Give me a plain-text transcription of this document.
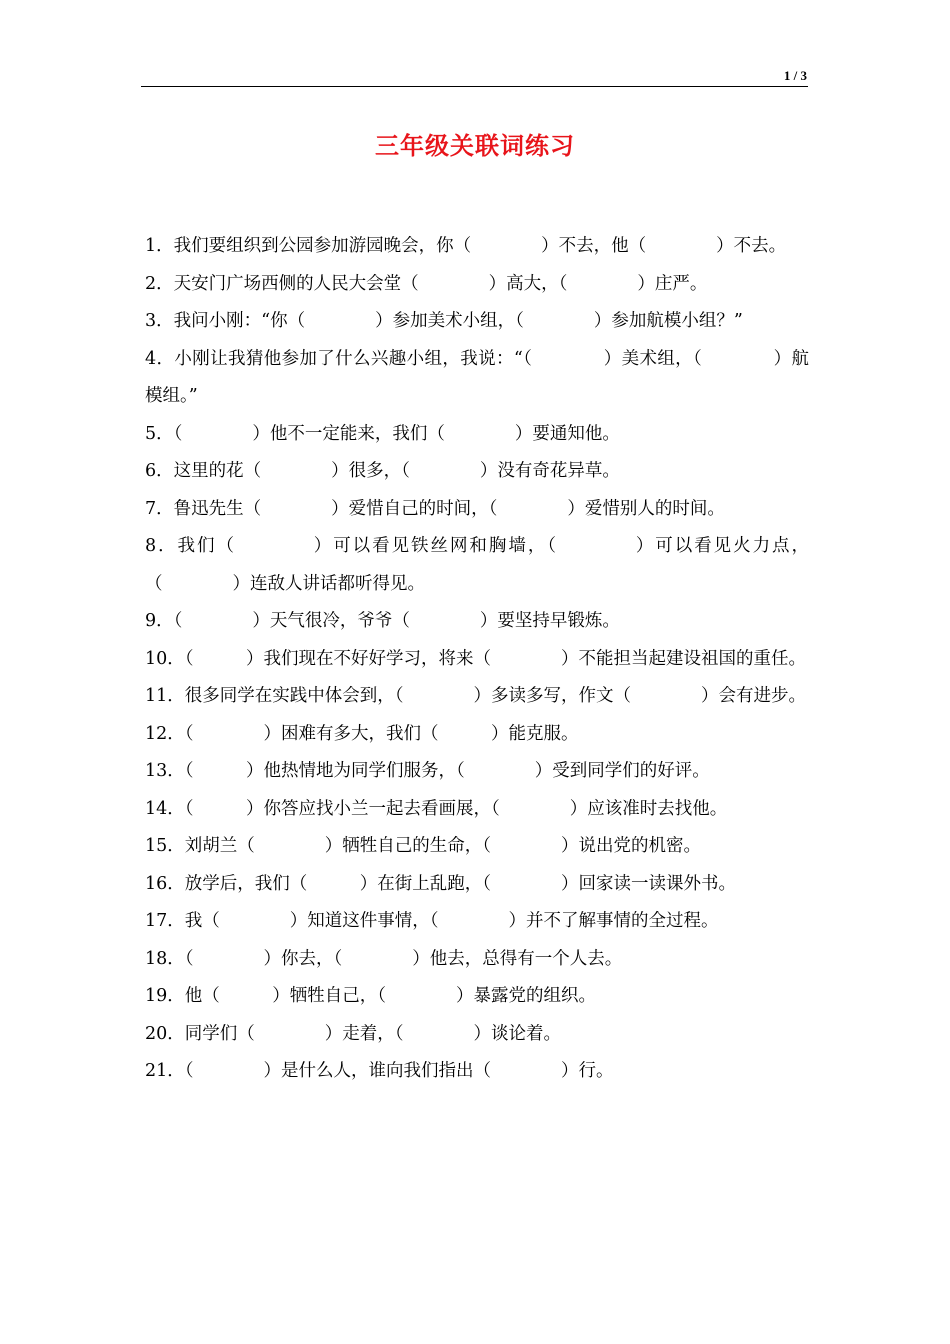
1 / 3
三年级关联词练习

1．我们要组织到公园参加游园晚会，你（　　　　）不去，他（　　　　）不去。

2．天安门广场西侧的人民大会堂（　　　　）高大，（　　　　）庄严。

3．我问小刚：“你（　　　　）参加美术小组，（　　　　）参加航模小组？”

4．小刚让我猜他参加了什么兴趣小组，我说：“（　　　　）美术组，（　　　　）航模组。”

5．（　　　　）他不一定能来，我们（　　　　）要通知他。

6．这里的花（　　　　）很多，（　　　　）没有奇花异草。

7．鲁迅先生（　　　　）爱惜自己的时间，（　　　　）爱惜别人的时间。

8．我们（　　　　）可以看见铁丝网和胸墙，（　　　　）可以看见火力点，（　　　　）连敌人讲话都听得见。

9．（　　　　）天气很冷，爷爷（　　　　）要坚持早锻炼。

10．（　　　）我们现在不好好学习，将来（　　　　）不能担当起建设祖国的重任。

11．很多同学在实践中体会到，（　　　　）多读多写，作文（　　　　）会有进步。

12．（　　　　）困难有多大，我们（　　　）能克服。

13．（　　　）他热情地为同学们服务，（　　　　）受到同学们的好评。

14．（　　　）你答应找小兰一起去看画展，（　　　　）应该准时去找他。

15．刘胡兰（　　　　）牺牲自己的生命，（　　　　）说出党的机密。

16．放学后，我们（　　　）在街上乱跑，（　　　　）回家读一读课外书。

17．我（　　　　）知道这件事情，（　　　　）并不了解事情的全过程。

18．（　　　　）你去，（　　　　）他去，总得有一个人去。

19．他（　　　）牺牲自己，（　　　　）暴露党的组织。

20．同学们（　　　　）走着，（　　　　）谈论着。

21．（　　　　）是什么人，谁向我们指出（　　　　）行。
